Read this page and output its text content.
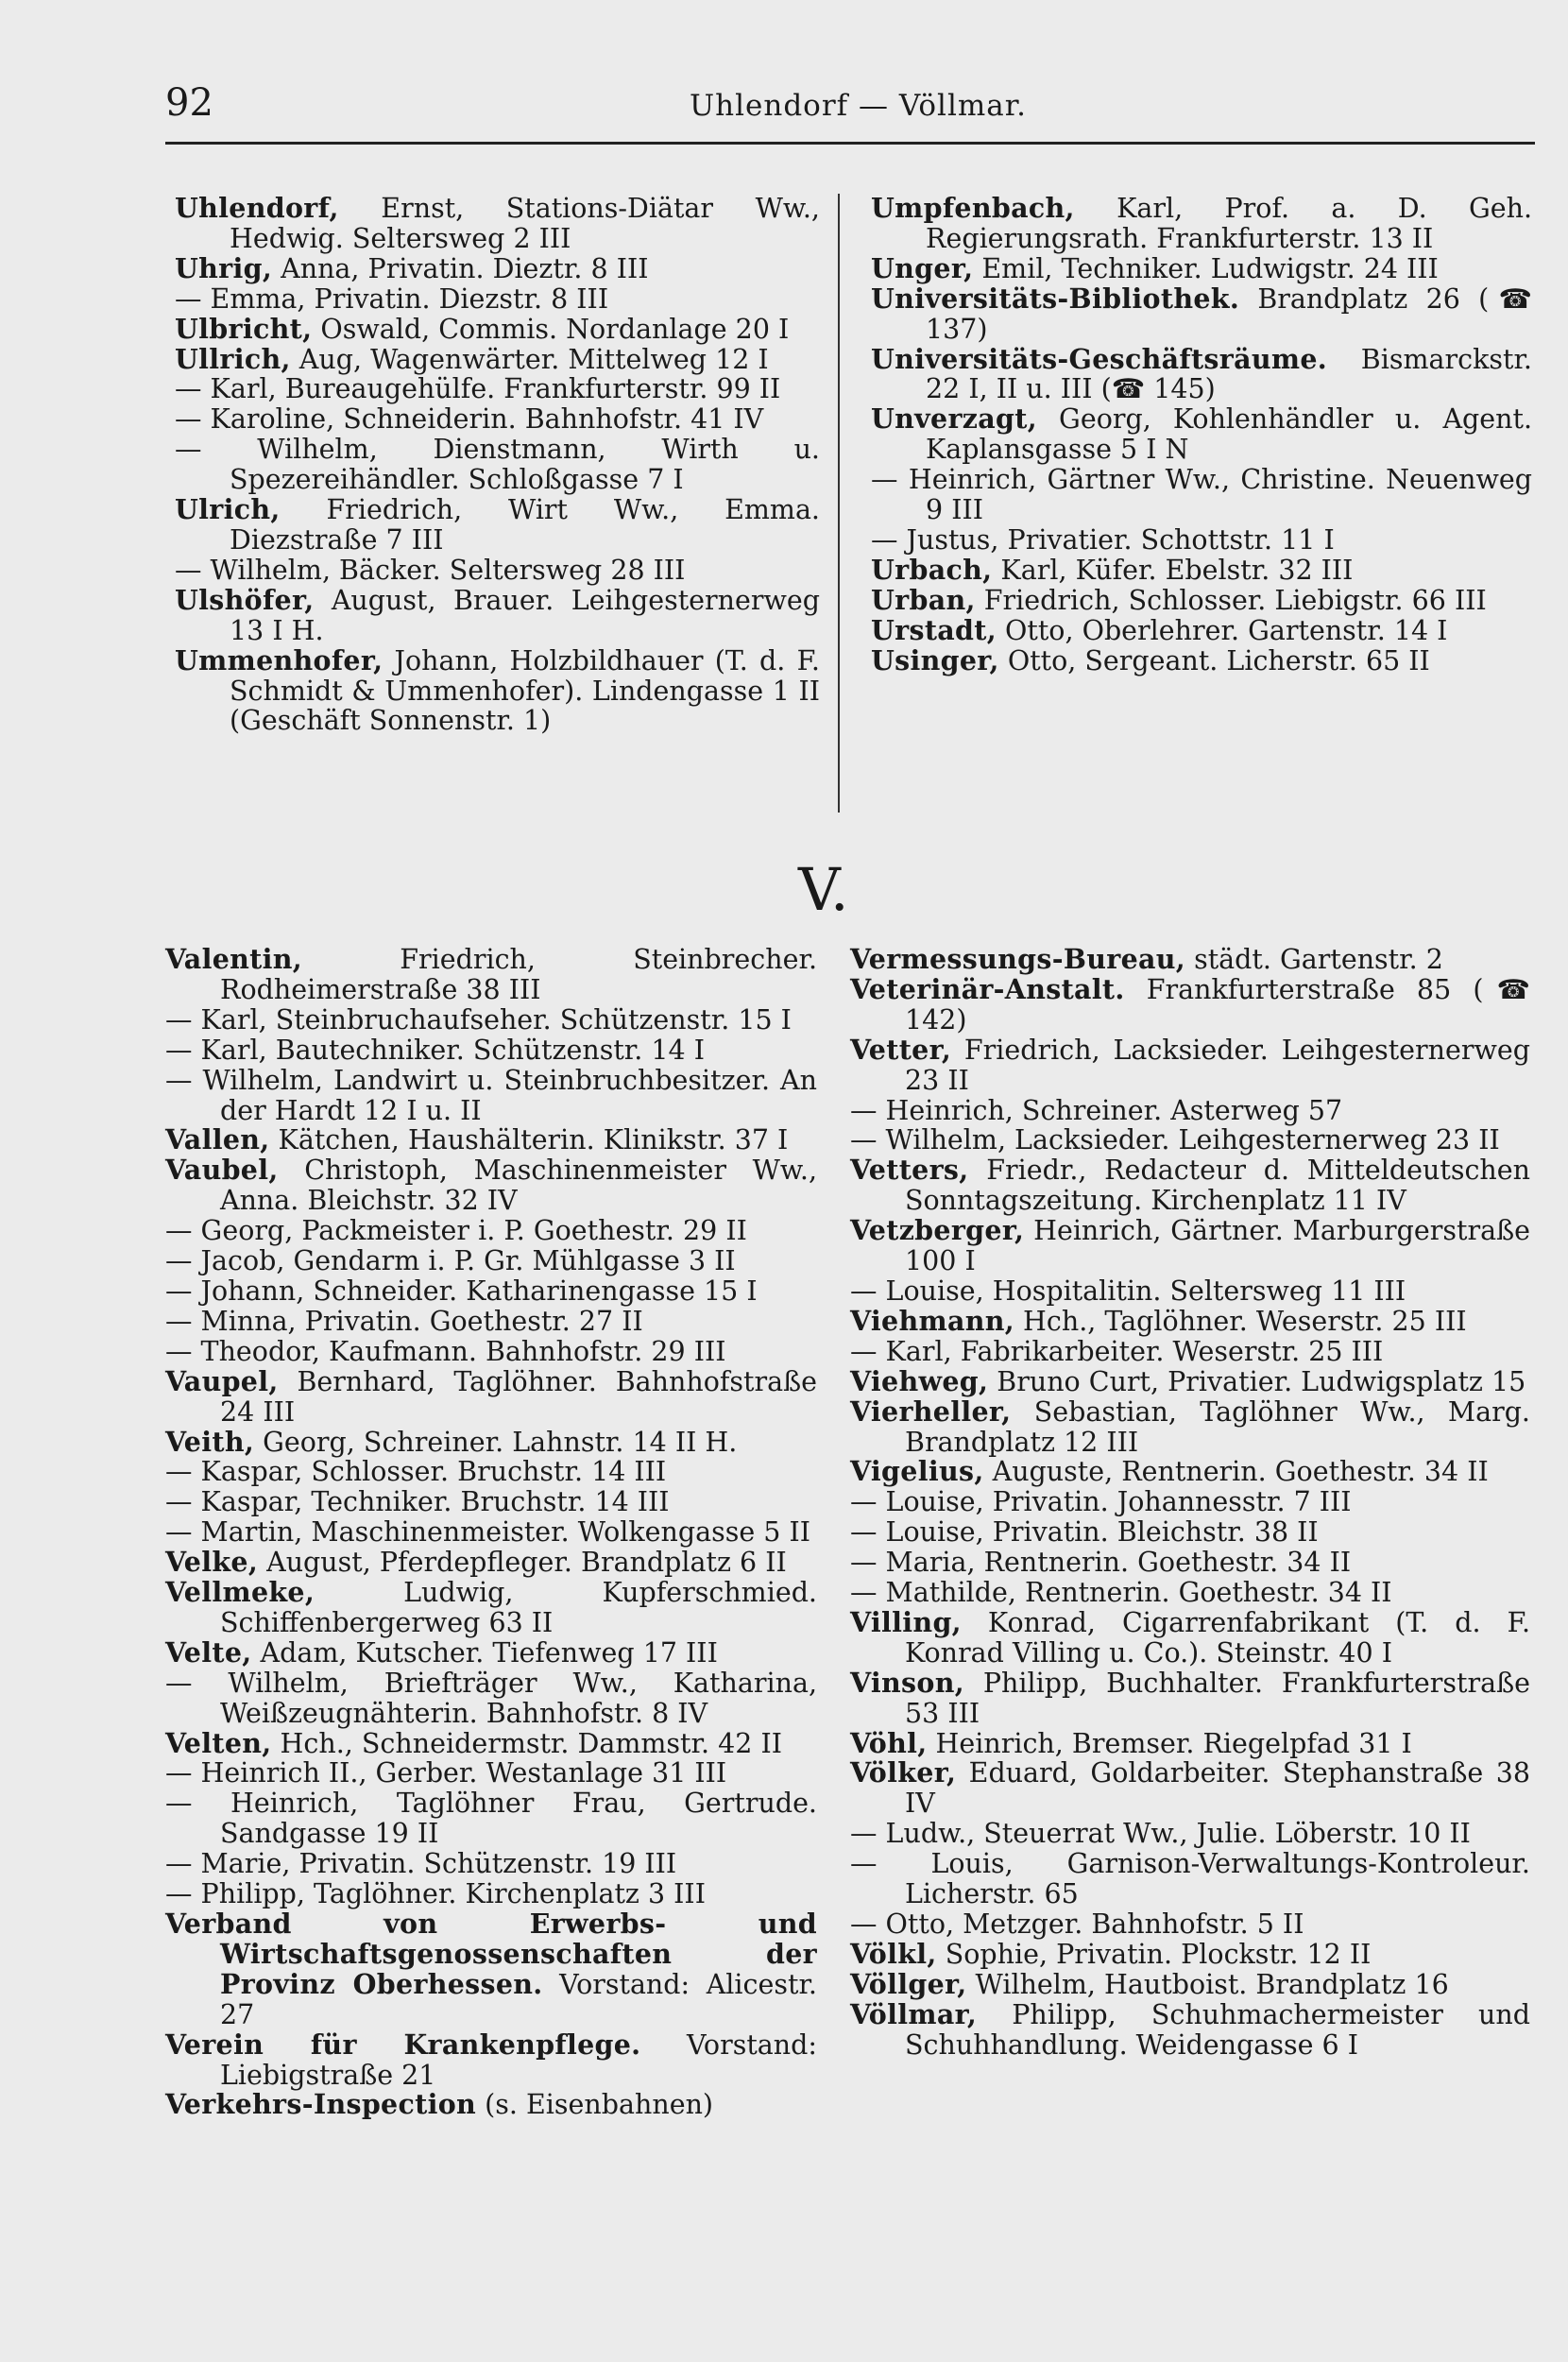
92	Uhlendorf — Völlmar.

Uhlendorf, Ernst, Stations-Diätar Ww., Hedwig. Seltersweg 2 III

Uhrig, Anna, Privatin. Dieztr. 8 III

— Emma, Privatin. Diezstr. 8 III

Ulbricht, Oswald, Commis. Nordanlage 20 I

Ullrich, Aug, Wagenwärter. Mittelweg 12 I

— Karl, Bureaugehülfe. Frankfurterstr. 99 II

— Karoline, Schneiderin. Bahnhofstr. 41 IV

— Wilhelm, Dienstmann, Wirth u. Spezereihändler. Schloßgasse 7 I

Ulrich, Friedrich, Wirt Ww., Emma. Diezstraße 7 III

— Wilhelm, Bäcker. Seltersweg 28 III

Ulshöfer, August, Brauer. Leihgesternerweg 13 I H.

Ummenhofer, Johann, Holzbildhauer (T. d. F. Schmidt & Ummenhofer). Lindengasse 1 II (Geschäft Sonnenstr. 1)

Umpfenbach, Karl, Prof. a. D. Geh. Regierungsrath. Frankfurterstr. 13 II

Unger, Emil, Techniker. Ludwigstr. 24 III

Universitäts-Bibliothek. Brandplatz 26 (☎ 137)

Universitäts-Geschäftsräume. Bismarckstr. 22 I, II u. III (☎ 145)

Unverzagt, Georg, Kohlenhändler u. Agent. Kaplansgasse 5 I N

— Heinrich, Gärtner Ww., Christine. Neuenweg 9 III

— Justus, Privatier. Schottstr. 11 I

Urbach, Karl, Küfer. Ebelstr. 32 III

Urban, Friedrich, Schlosser. Liebigstr. 66 III

Urstadt, Otto, Oberlehrer. Gartenstr. 14 I

Usinger, Otto, Sergeant. Licherstr. 65 II

V.

Valentin, Friedrich, Steinbrecher. Rodheimerstraße 38 III

— Karl, Steinbruchaufseher. Schützenstr. 15 I

— Karl, Bautechniker. Schützenstr. 14 I

— Wilhelm, Landwirt u. Steinbruchbesitzer. An der Hardt 12 I u. II

Vallen, Kätchen, Haushälterin. Klinikstr. 37 I

Vaubel, Christoph, Maschinenmeister Ww., Anna. Bleichstr. 32 IV

— Georg, Packmeister i. P. Goethestr. 29 II

— Jacob, Gendarm i. P. Gr. Mühlgasse 3 II

— Johann, Schneider. Katharinengasse 15 I

— Minna, Privatin. Goethestr. 27 II

— Theodor, Kaufmann. Bahnhofstr. 29 III

Vaupel, Bernhard, Taglöhner. Bahnhofstraße 24 III

Veith, Georg, Schreiner. Lahnstr. 14 II H.

— Kaspar, Schlosser. Bruchstr. 14 III

— Kaspar, Techniker. Bruchstr. 14 III

— Martin, Maschinenmeister. Wolkengasse 5 II

Velke, August, Pferdepfleger. Brandplatz 6 II

Vellmeke, Ludwig, Kupferschmied. Schiffenbergerweg 63 II

Velte, Adam, Kutscher. Tiefenweg 17 III

— Wilhelm, Briefträger Ww., Katharina, Weißzeugnähterin. Bahnhofstr. 8 IV

Velten, Hch., Schneidermstr. Dammstr. 42 II

— Heinrich II., Gerber. Westanlage 31 III

— Heinrich, Taglöhner Frau, Gertrude. Sandgasse 19 II

— Marie, Privatin. Schützenstr. 19 III

— Philipp, Taglöhner. Kirchenplatz 3 III

Verband von Erwerbs- und Wirtschaftsgenossenschaften der Provinz Oberhessen. Vorstand: Alicestr. 27

Verein für Krankenpflege. Vorstand: Liebigstraße 21

Verkehrs-Inspection (s. Eisenbahnen)

Vermessungs-Bureau, städt. Gartenstr. 2

Veterinär-Anstalt. Frankfurterstraße 85 (☎ 142)

Vetter, Friedrich, Lacksieder. Leihgesternerweg 23 II

— Heinrich, Schreiner. Asterweg 57

— Wilhelm, Lacksieder. Leihgesternerweg 23 II

Vetters, Friedr., Redacteur d. Mitteldeutschen Sonntagszeitung. Kirchenplatz 11 IV

Vetzberger, Heinrich, Gärtner. Marburgerstraße 100 I

— Louise, Hospitalitin. Seltersweg 11 III

Viehmann, Hch., Taglöhner. Weserstr. 25 III

— Karl, Fabrikarbeiter. Weserstr. 25 III

Viehweg, Bruno Curt, Privatier. Ludwigsplatz 15

Vierheller, Sebastian, Taglöhner Ww., Marg. Brandplatz 12 III

Vigelius, Auguste, Rentnerin. Goethestr. 34 II

— Louise, Privatin. Johannesstr. 7 III

— Louise, Privatin. Bleichstr. 38 II

— Maria, Rentnerin. Goethestr. 34 II

— Mathilde, Rentnerin. Goethestr. 34 II

Villing, Konrad, Cigarrenfabrikant (T. d. F. Konrad Villing u. Co.). Steinstr. 40 I

Vinson, Philipp, Buchhalter. Frankfurterstraße 53 III

Vöhl, Heinrich, Bremser. Riegelpfad 31 I

Völker, Eduard, Goldarbeiter. Stephanstraße 38 IV

— Ludw., Steuerrat Ww., Julie. Löberstr. 10 II

— Louis, Garnison-Verwaltungs-Kontroleur. Licherstr. 65

— Otto, Metzger. Bahnhofstr. 5 II

Völkl, Sophie, Privatin. Plockstr. 12 II

Völlger, Wilhelm, Hautboist. Brandplatz 16

Völlmar, Philipp, Schuhmachermeister und Schuhhandlung. Weidengasse 6 I
